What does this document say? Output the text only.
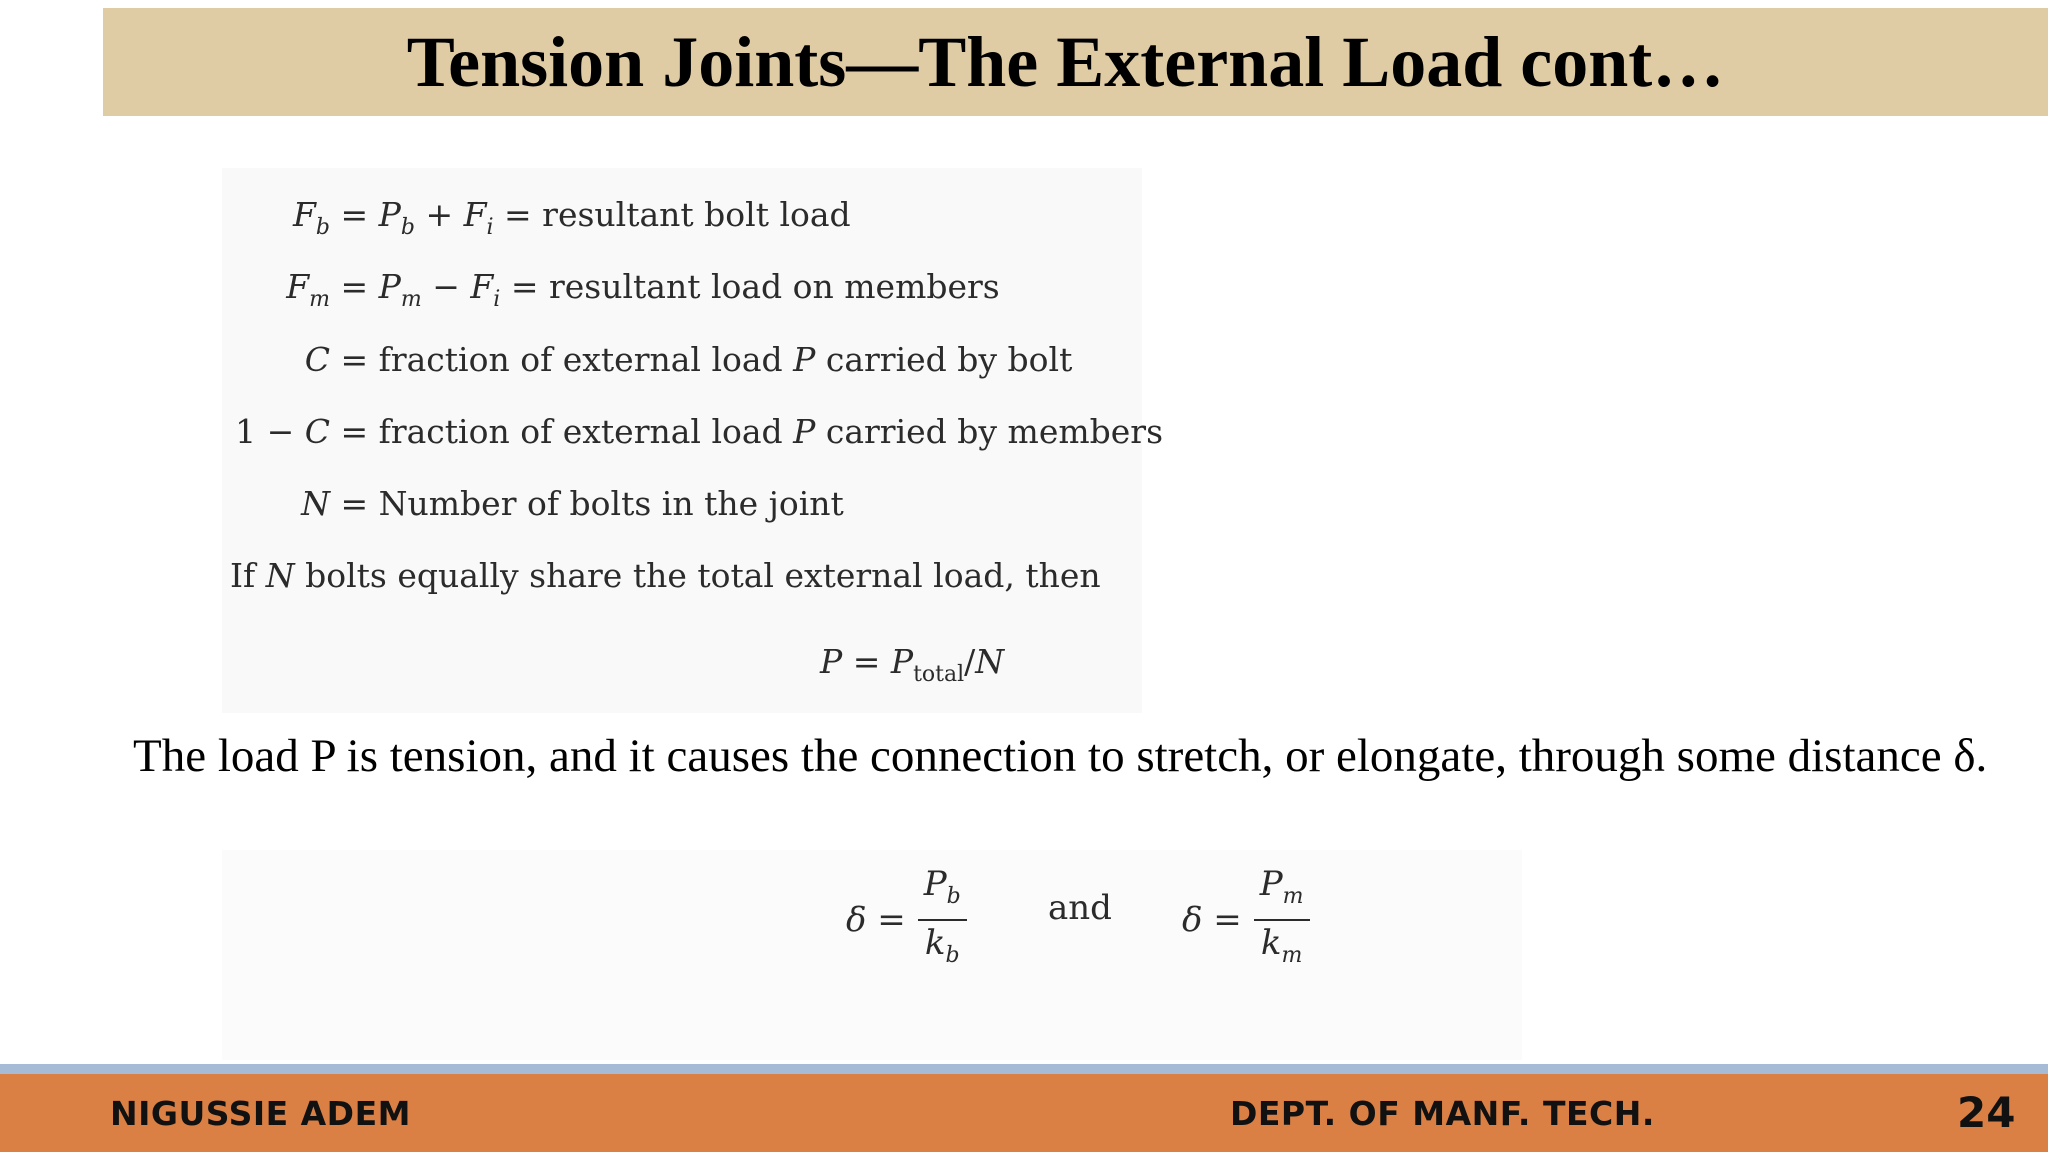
Tension Joints—The External Load cont…
$F_b = P_b + F_i$ = resultant bolt load
$F_m = P_m - F_i$ = resultant load on members
C = fraction of external load P carried by bolt
1 − C = fraction of external load P carried by members
N = Number of bolts in the joint
If N bolts equally share the total external load, then
$P = P_{total}/N$
The load P is tension, and it causes the connection to stretch, or elongate, through some distance δ.
$\delta = \frac{P_b}{k_b}$ and $\delta = \frac{P_m}{k_m}$
NIGUSSIE ADEM	DEPT. OF MANF. TECH.	24
